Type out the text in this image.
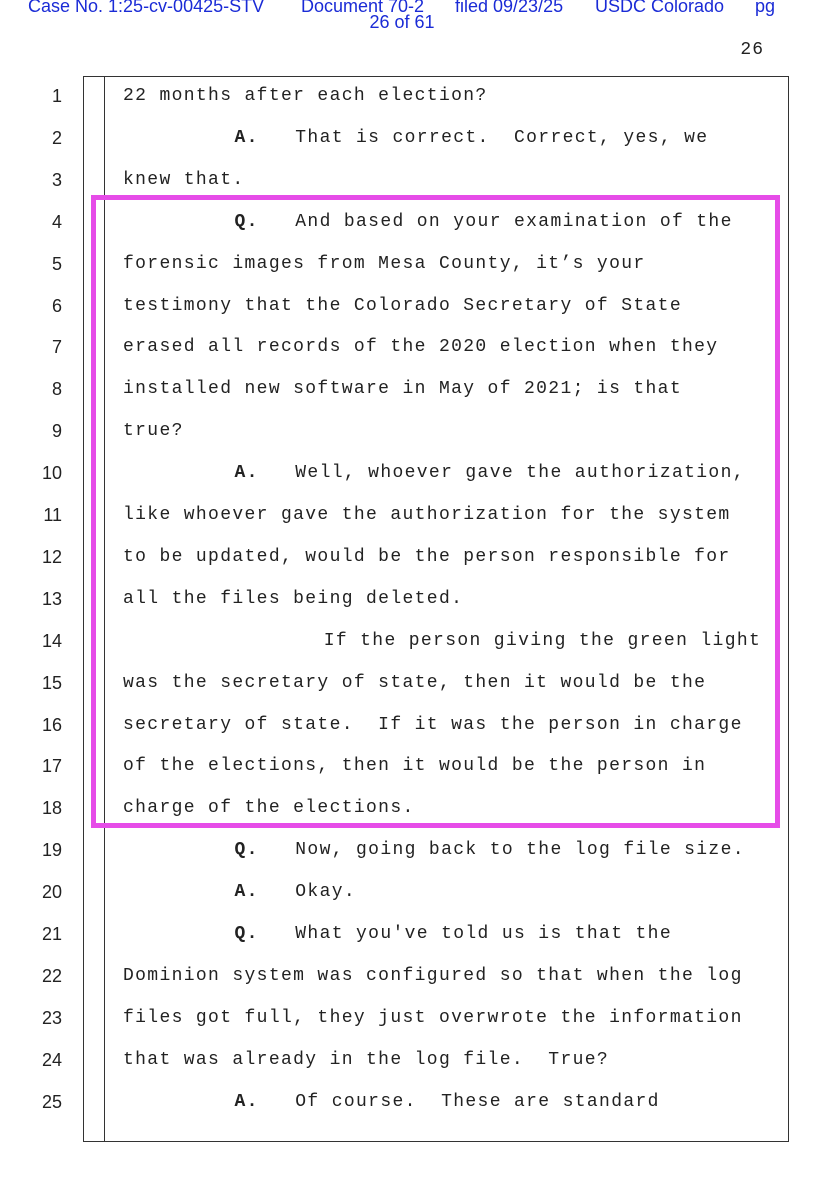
Case No. 1:25-cv-00425-STV Document 70-2 filed 09/23/25 USDC Colorado pg
26 of 61
26
1	22 months after each election?
2	A.   That is correct.  Correct, yes, we
3	knew that.
4	Q.   And based on your examination of the
5	forensic images from Mesa County, it’s your
6	testimony that the Colorado Secretary of State
7	erased all records of the 2020 election when they
8	installed new software in May of 2021; is that
9	true?
10	A.   Well, whoever gave the authorization,
11	like whoever gave the authorization for the system
12	to be updated, would be the person responsible for
13	all the files being deleted.
14	If the person giving the green light
15	was the secretary of state, then it would be the
16	secretary of state.  If it was the person in charge
17	of the elections, then it would be the person in
18	charge of the elections.
19	Q.   Now, going back to the log file size.
20	A.   Okay.
21	Q.   What you've told us is that the
22	Dominion system was configured so that when the log
23	files got full, they just overwrote the information
24	that was already in the log file.  True?
25	A.   Of course.  These are standard
